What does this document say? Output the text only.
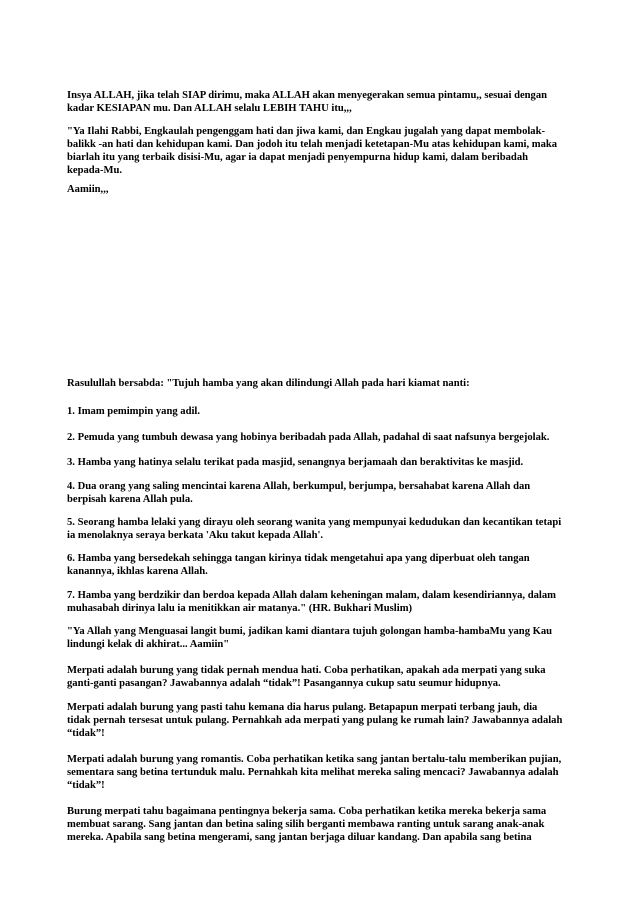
Insya ALLAH, jika telah SIAP dirimu, maka ALLAH akan menyegerakan semua pintamu,, sesuai dengan
kadar KESIAPAN mu. Dan ALLAH selalu LEBIH TAHU itu,,,
"Ya Ilahi Rabbi, Engkaulah pengenggam hati dan jiwa kami, dan Engkau jugalah yang dapat membolak-
balikk -an hati dan kehidupan kami. Dan jodoh itu telah menjadi ketetapan-Mu atas kehidupan kami, maka
biarlah itu yang terbaik disisi-Mu, agar ia dapat menjadi penyempurna hidup kami, dalam beribadah
kepada-Mu.
Aamiin,,,
Rasulullah bersabda: "Tujuh hamba yang akan dilindungi Allah pada hari kiamat nanti:
1. Imam pemimpin yang adil.
2. Pemuda yang tumbuh dewasa yang hobinya beribadah pada Allah, padahal di saat nafsunya bergejolak.
3. Hamba yang hatinya selalu terikat pada masjid, senangnya berjamaah dan beraktivitas ke masjid.
4. Dua orang yang saling mencintai karena Allah, berkumpul, berjumpa, bersahabat karena Allah dan
berpisah karena Allah pula.
5. Seorang hamba lelaki yang dirayu oleh seorang wanita yang mempunyai kedudukan dan kecantikan tetapi
ia menolaknya seraya berkata 'Aku takut kepada Allah'.
6. Hamba yang bersedekah sehingga tangan kirinya tidak mengetahui apa yang diperbuat oleh tangan
kanannya, ikhlas karena Allah.
7. Hamba yang berdzikir dan berdoa kepada Allah dalam keheningan malam, dalam kesendiriannya, dalam
muhasabah dirinya lalu ia menitikkan air matanya." (HR. Bukhari Muslim)
"Ya Allah yang Menguasai langit bumi, jadikan kami diantara tujuh golongan hamba-hambaMu yang Kau
lindungi kelak di akhirat... Aamiin"
Merpati adalah burung yang tidak pernah mendua hati. Coba perhatikan, apakah ada merpati yang suka
ganti-ganti pasangan? Jawabannya adalah “tidak”! Pasangannya cukup satu seumur hidupnya.
Merpati adalah burung yang pasti tahu kemana dia harus pulang. Betapapun merpati terbang jauh, dia
tidak pernah tersesat untuk pulang. Pernahkah ada merpati yang pulang ke rumah lain? Jawabannya adalah
“tidak”!
Merpati adalah burung yang romantis. Coba perhatikan ketika sang jantan bertalu-talu memberikan pujian,
sementara sang betina tertunduk malu. Pernahkah kita melihat mereka saling mencaci? Jawabannya adalah
“tidak”!
Burung merpati tahu bagaimana pentingnya bekerja sama. Coba perhatikan ketika mereka bekerja sama
membuat sarang. Sang jantan dan betina saling silih berganti membawa ranting untuk sarang anak-anak
mereka. Apabila sang betina mengerami, sang jantan berjaga diluar kandang. Dan apabila sang betina
